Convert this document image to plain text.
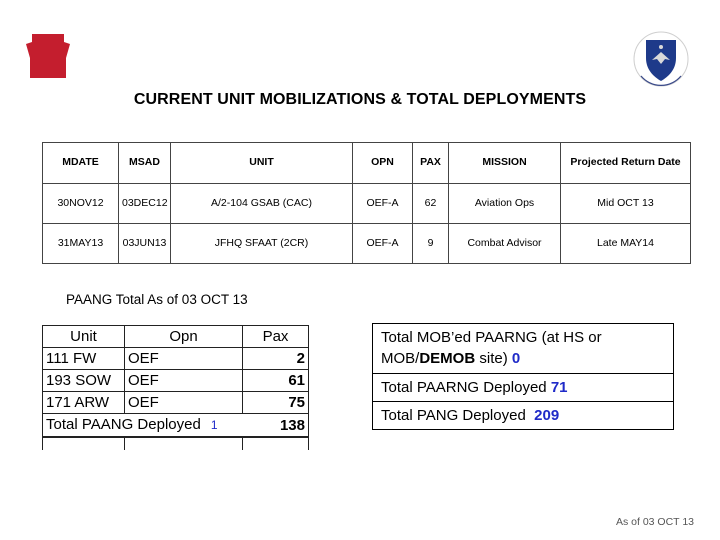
CURRENT UNIT MOBILIZATIONS & TOTAL DEPLOYMENTS
MDATE	MSAD	UNIT	OPN	PAX	MISSION	Projected Return Date
30NOV12	03DEC12	A/2-104 GSAB (CAC)	OEF-A	62	Aviation Ops	Mid OCT 13
31MAY13	03JUN13	JFHQ SFAAT (2CR)	OEF-A	9	Combat Advisor	Late MAY14
PAANG Total As of 03 OCT 13
Unit	Opn	Pax
111 FW	OEF	2
193 SOW	OEF	61
171 ARW	OEF	75
Total PAANG Deployed 1		138

Total MOB’ed PAARNG (at HS or MOB/DEMOB site) 0
Total PAARNG Deployed 71
Total PANG Deployed  209
As of 03 OCT 13
